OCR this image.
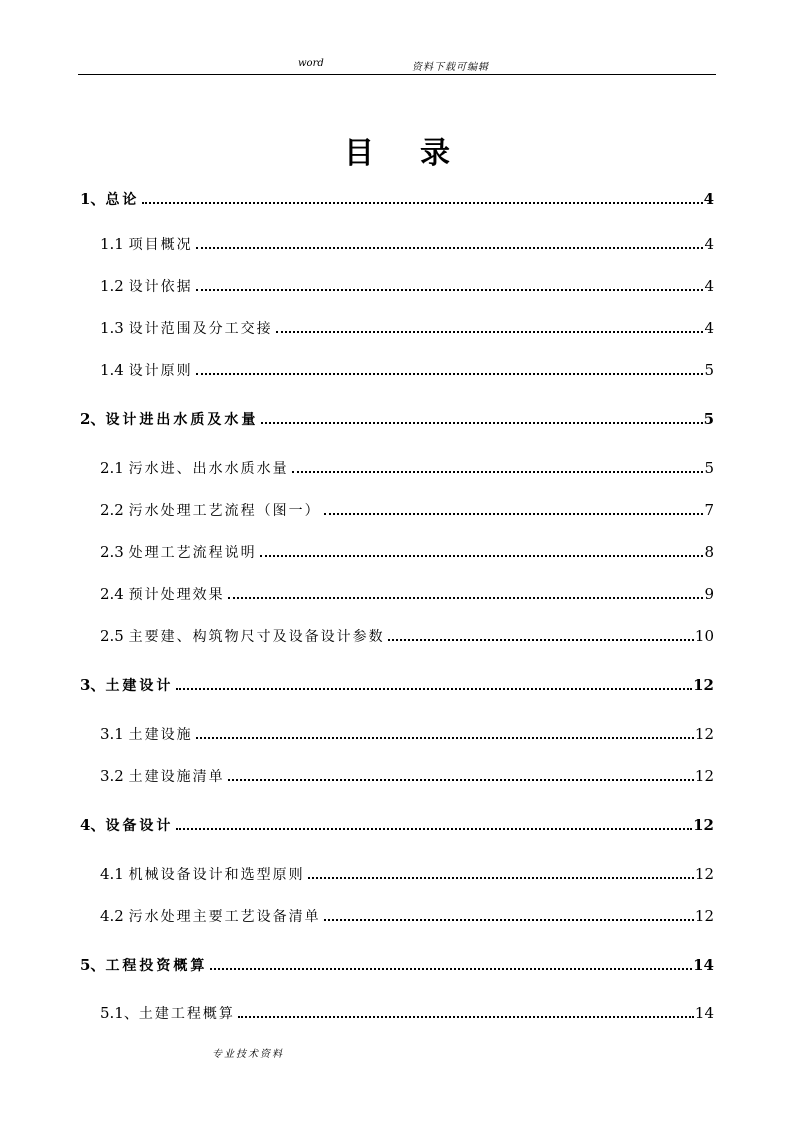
word	资料下载可编辑
目录
1、总论	4
1.1 项目概况	4
1.2 设计依据	4
1.3 设计范围及分工交接	4
1.4 设计原则	5
2、设计进出水质及水量	5
2.1 污水进、出水水质水量	5
2.2 污水处理工艺流程（图一）	7
2.3 处理工艺流程说明	8
2.4 预计处理效果	9
2.5 主要建、构筑物尺寸及设备设计参数	10
3、土建设计	12
3.1 土建设施	12
3.2 土建设施清单	12
4、设备设计	12
4.1 机械设备设计和选型原则	12
4.2 污水处理主要工艺设备清单	12
5、工程投资概算	14
5.1、土建工程概算	14
专业技术资料
